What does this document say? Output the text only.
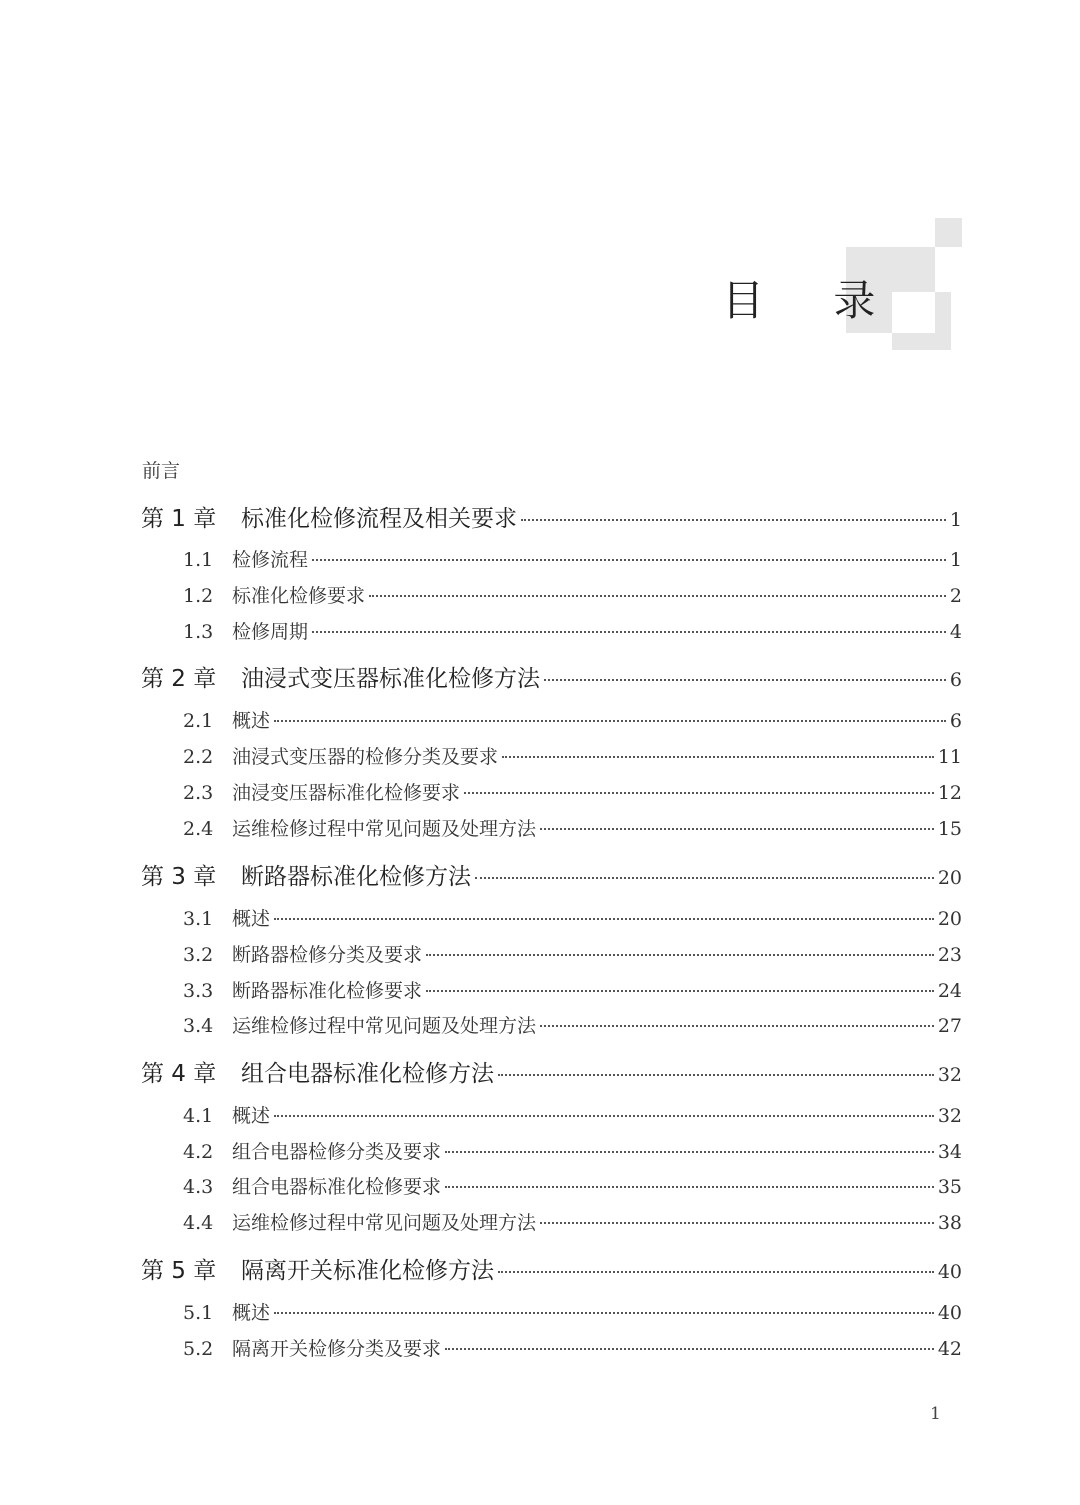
目 录
前言
第 1 章	标准化检修流程及相关要求	1
1.1 检修流程	1
1.2 标准化检修要求	2
1.3 检修周期	4
第 2 章	油浸式变压器标准化检修方法	6
2.1 概述	6
2.2 油浸式变压器的检修分类及要求	11
2.3 油浸变压器标准化检修要求	12
2.4 运维检修过程中常见问题及处理方法	15
第 3 章	断路器标准化检修方法	20
3.1 概述	20
3.2 断路器检修分类及要求	23
3.3 断路器标准化检修要求	24
3.4 运维检修过程中常见问题及处理方法	27
第 4 章	组合电器标准化检修方法	32
4.1 概述	32
4.2 组合电器检修分类及要求	34
4.3 组合电器标准化检修要求	35
4.4 运维检修过程中常见问题及处理方法	38
第 5 章	隔离开关标准化检修方法	40
5.1 概述	40
5.2 隔离开关检修分类及要求	42
1
